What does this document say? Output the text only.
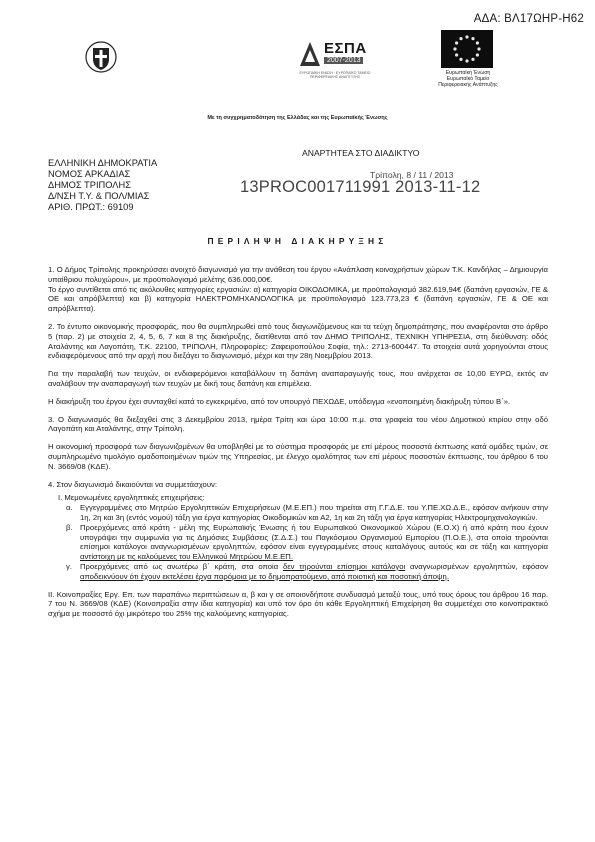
ΑΔΑ: ΒΛ17ΩΗΡ-Η62
ΕΣΠΑ
2007-2013
ΕΥΡΩΠΑΪΚΗ ΕΝΩΣΗ · ΕΥΡΩΠΑΪΚΟ ΤΑΜΕΙΟ ΠΕΡΙΦΕΡΕΙΑΚΗΣ ΑΝΑΠΤΥΞΗΣ
Ευρωπαϊκή Ένωση
Ευρωπαϊκό Ταμείο
Περιφερειακής Ανάπτυξης
Με τη συγχρηματοδότηση της Ελλάδας και της Ευρωπαϊκής Ένωσης
ΑΝΑΡΤΗΤΕΑ ΣΤΟ ΔΙΑΔΙΚΤΥΟ
ΕΛΛΗΝΙΚΗ ΔΗΜΟΚΡΑΤΙΑ
ΝΟΜΟΣ ΑΡΚΑΔΙΑΣ
ΔΗΜΟΣ ΤΡΙΠΟΛΗΣ
Δ/ΝΣΗ Τ.Υ. & ΠΟΛ/ΜΙΑΣ
ΑΡΙΘ. ΠΡΩΤ.: 69109
Τρίπολη, 8 / 11 / 2013
13PROC001711991 2013-11-12
ΠΕΡΙΛΗΨΗ ΔΙΑΚΗΡΥΞΗΣ
1. Ο Δήμος Τρίπολης προκηρύσσει ανοιχτό διαγωνισμό για την ανάθεση του έργου «Ανάπλαση κοινοχρήστων χώρων Τ.Κ. Κανδήλας – Δημιουργία υπαίθριου πολυχώρου», με προϋπολογισμό μελέτης 636.000,00€.
Το έργο συντίθεται από τις ακόλουθες κατηγορίες εργασιών: α) κατηγορία ΟΙΚΟΔΟΜΙΚΑ, με προϋπολογισμό 382.619,94€ (δαπάνη εργασιών, ΓΕ & ΟΕ και απρόβλεπτα) και β) κατηγορία ΗΛΕΚΤΡΟΜΗΧΑΝΟΛΟΓΙΚΑ με προϋπολογισμό 123.773,23 € (δαπάνη εργασιών, ΓΕ & ΟΕ και απρόβλεπτα).

2. Το έντυπο οικονομικής προσφοράς, που θα συμπληρωθεί από τους διαγωνιζόμενους και τα τεύχη δημοπράτησης, που αναφέρονται στο άρθρο 5 (παρ. 2) με στοιχεία 2, 4, 5, 6, 7 και 8 της διακήρυξης, διατίθενται από τον ΔΗΜΟ ΤΡΙΠΟΛΗΣ, ΤΕΧΝΙΚΗ ΥΠΗΡΕΣΙΑ, στη διεύθυνση: οδός Αταλάντης και Λαγοπάτη, Τ.Κ. 22100, ΤΡΙΠΟΛΗ, Πληροφορίες: Ζαφειροπούλου Σοφία, τηλ.: 2713-600447. Τα στοιχεία αυτά χορηγούνται στους ενδιαφερόμενους από την αρχή που διεξάγει το διαγωνισμό, μέχρι και την 28η Νοεμβρίου 2013.

Για την παραλαβή των τευχών, οι ενδιαφερόμενοι καταβάλλουν τη δαπάνη αναπαραγωγής τους, που ανέρχεται σε 10,00 ΕΥΡΩ, εκτός αν αναλάβουν την αναπαραγωγή των τευχών με δική τους δαπάνη και επιμέλεια.

Η διακήρυξη του έργου έχει συνταχθεί κατά το εγκεκριμένο, από τον υπουργό ΠΕΧΩΔΕ, υπόδειγμα «ενοποιημένη διακήρυξη τύπου Β΄».

3. Ο διαγωνισμός θα διεξαχθεί στις 3 Δεκεμβρίου 2013, ημέρα Τρίτη και ώρα 10:00 π.μ. στα γραφεία του νέου Δημοτικού κτιρίου στην οδό Λαγοπάτη και Αταλάντης, στην Τρίπολη.

Η οικονομική προσφορά των διαγωνιζομένων θα υποβληθεί με το σύστημα προσφοράς με επί μέρους ποσοστά έκπτωσης κατά ομάδες τιμών, σε συμπληρωμένο τιμολόγιο ομαδοποιημένων τιμών της Υπηρεσίας, με έλεγχο ομαλότητας των επί μέρους ποσοστών έκπτωσης, του άρθρου 6 του Ν. 3669/08 (ΚΔΕ).

4. Στον διαγωνισμό δικαιούνται να συμμετάσχουν:

I. Μεμονωμένες εργοληπτικές επιχειρήσεις:
α. Εγγεγραμμένες στο Μητρώο Εργοληπτικών Επιχειρήσεων (Μ.Ε.ΕΠ.) που τηρείται στη Γ.Γ.Δ.Ε. του Υ.ΠΕ.ΧΩ.Δ.Ε., εφόσον ανήκουν στην 1η, 2η και 3η (εντός νομού) τάξη για έργα κατηγορίας Οικοδομικών και Α2, 1η και 2η τάξη για έργα κατηγορίας Ηλεκτρομηχανολογικών.
β. Προερχόμενες από κράτη - μέλη της Ευρωπαϊκής Ένωσης ή του Ευρωπαϊκού Οικονομικού Χώρου (Ε.Ο.Χ) ή από κράτη που έχουν υπογράψει την συμφωνία για τις Δημόσιες Συμβάσεις (Σ.Δ.Σ.) του Παγκόσμιου Οργανισμού Εμπορίου (Π.Ο.Ε.), στα οποία τηρούνται επίσημοι κατάλογοι αναγνωρισμένων εργοληπτών, εφόσον είναι εγγεγραμμένες στους καταλόγους αυτούς και σε τάξη και κατηγορία αντίστοιχη με τις καλούμενες του Ελληνικού Μητρώου Μ.Ε.ΕΠ.
γ. Προερχόμενες από ως ανωτέρω β΄ κράτη, στα οποία δεν τηρούνται επίσημοι κατάλογοι αναγνωρισμένων εργοληπτών, εφόσον αποδεικνύουν ότι έχουν εκτελέσει έργα παρόμοια με το δημοπρατούμενο, από ποιοτική και ποσοτική άποψη.

II. Κοινοπραξίες Εργ. Επ. των παραπάνω περιπτώσεων α, β και γ σε οποιονδήποτε συνδυασμό μεταξύ τους, υπό τους όρους του άρθρου 16 παρ. 7 του Ν. 3669/08 (ΚΔΕ) (Κοινοπραξία στην ίδια κατηγορία) και υπό τον όρο ότι κάθε Εργοληπτική Επιχείρηση θα συμμετέχει στο κοινοπρακτικό σχήμα με ποσοστό όχι μικρότερο του 25% της καλούμενης κατηγορίας.
